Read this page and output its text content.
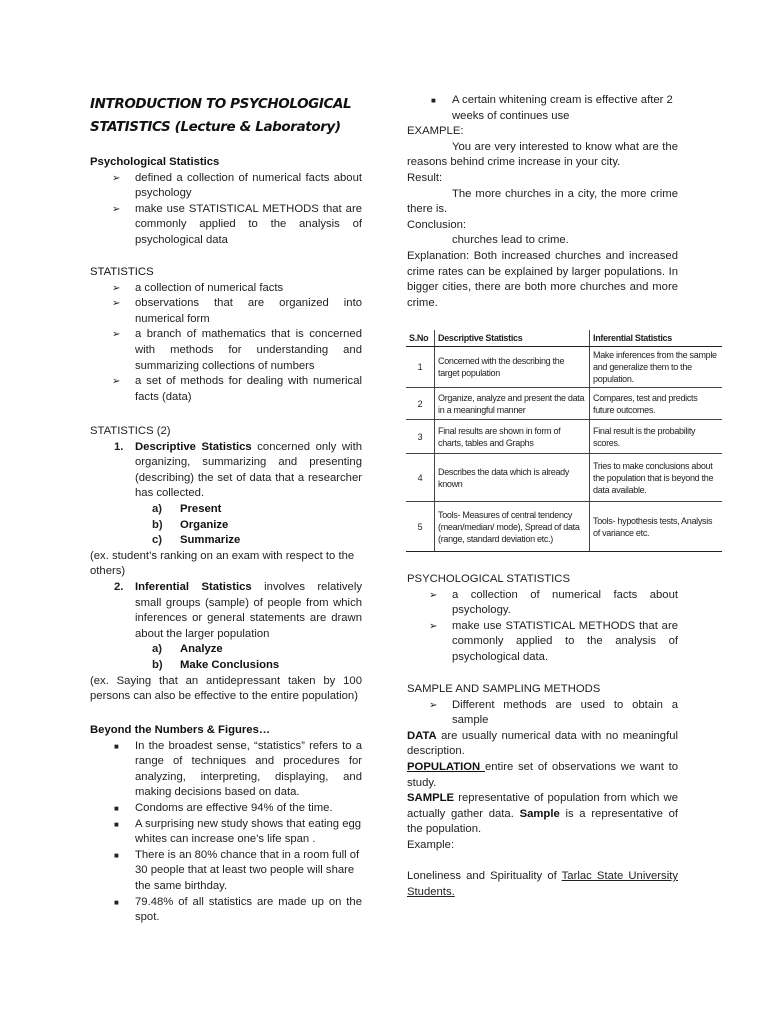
INTRODUCTION TO PSYCHOLOGICAL
STATISTICS (Lecture & Laboratory)
Psychological Statistics
➢ defined a collection of numerical facts about psychology
➢ make use STATISTICAL METHODS that are commonly applied to the analysis of psychological data
STATISTICS
➢ a collection of numerical facts
➢ observations that are organized into numerical form
➢ a branch of mathematics that is concerned with methods for understanding and summarizing collections of numbers
➢ a set of methods for dealing with numerical facts (data)
STATISTICS (2)
1. Descriptive Statistics concerned only with organizing, summarizing and presenting (describing) the set of data that a researcher has collected.
a) Present
b) Organize
c) Summarize
(ex. student’s ranking on an exam with respect to the others)
2. Inferential Statistics involves relatively small groups (sample) of people from which inferences or general statements are drawn about the larger population
a) Analyze
b) Make Conclusions
(ex. Saying that an antidepressant taken by 100 persons can also be effective to the entire population)
Beyond the Numbers & Figures…
■ In the broadest sense, “statistics” refers to a range of techniques and procedures for analyzing, interpreting, displaying, and making decisions based on data.
■ Condoms are effective 94% of the time.
■ A surprising new study shows that eating egg whites can increase one's life span .
■ There is an 80% chance that in a room full of 30 people that at least two people will share the same birthday.
■ 79.48% of all statistics are made up on the spot.
■ A certain whitening cream is effective after 2 weeks of continues use
EXAMPLE:
You are very interested to know what are the reasons behind crime increase in your city.
Result:
The more churches in a city, the more crime there is.
Conclusion:
churches lead to crime.
Explanation: Both increased churches and increased crime rates can be explained by larger populations. In bigger cities, there are both more churches and more crime.
S.No	Descriptive Statistics	Inferential Statistics
1	Concerned with the describing the target population	Make inferences from the sample and generalize them to the population.
2	Organize, analyze and present the data in a meaningful manner	Compares, test and predicts future outcomes.
3	Final results are shown in form of charts, tables and Graphs	Final result is the probability scores.
4	Describes the data which is already known	Tries to make conclusions about the population that is beyond the data available.
5	Tools- Measures of central tendency (mean/median/ mode), Spread of data (range, standard deviation etc.)	Tools- hypothesis tests, Analysis of variance etc.
PSYCHOLOGICAL STATISTICS
➢ a collection of numerical facts about psychology.
➢ make use STATISTICAL METHODS that are commonly applied to the analysis of psychological data.
SAMPLE AND SAMPLING METHODS
➢ Different methods are used to obtain a sample
DATA are usually numerical data with no meaningful description.
POPULATION entire set of observations we want to study.
SAMPLE representative of population from which we actually gather data. Sample is a representative of the population.
Example:
Loneliness and Spirituality of Tarlac State University Students.
